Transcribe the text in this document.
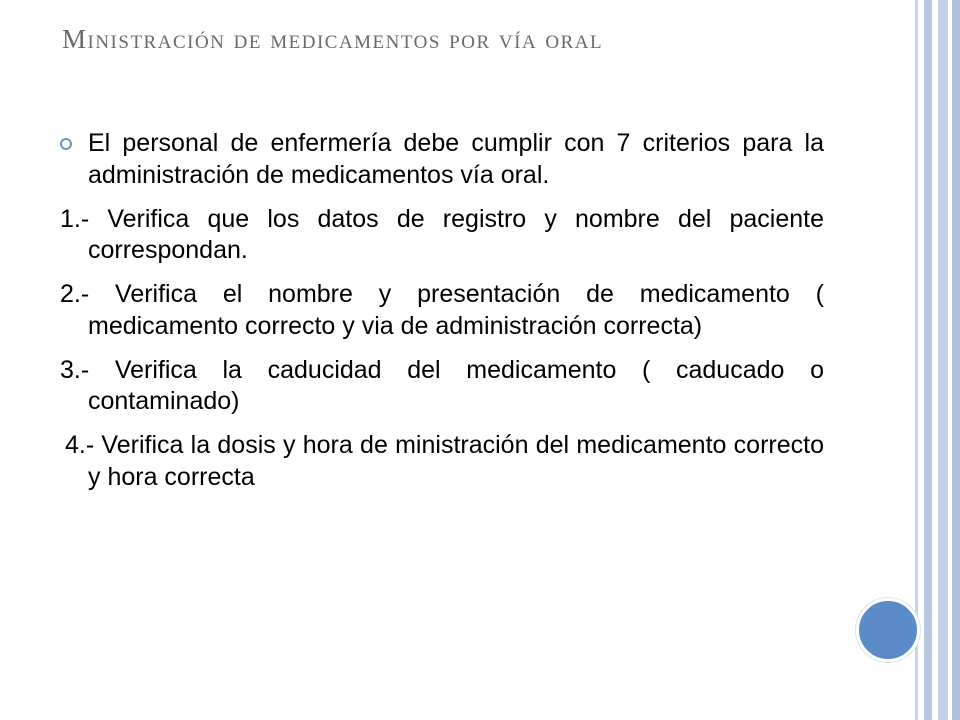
Ministración de medicamentos por vía oral
El personal de enfermería debe cumplir con 7 criterios para la administración de medicamentos vía oral.
1.- Verifica que los datos de registro y nombre del paciente correspondan.
2.- Verifica el nombre y presentación de medicamento ( medicamento correcto y via de administración correcta)
3.- Verifica la caducidad del medicamento ( caducado o contaminado)
4.- Verifica la dosis y hora de ministración del medicamento correcto y hora correcta
